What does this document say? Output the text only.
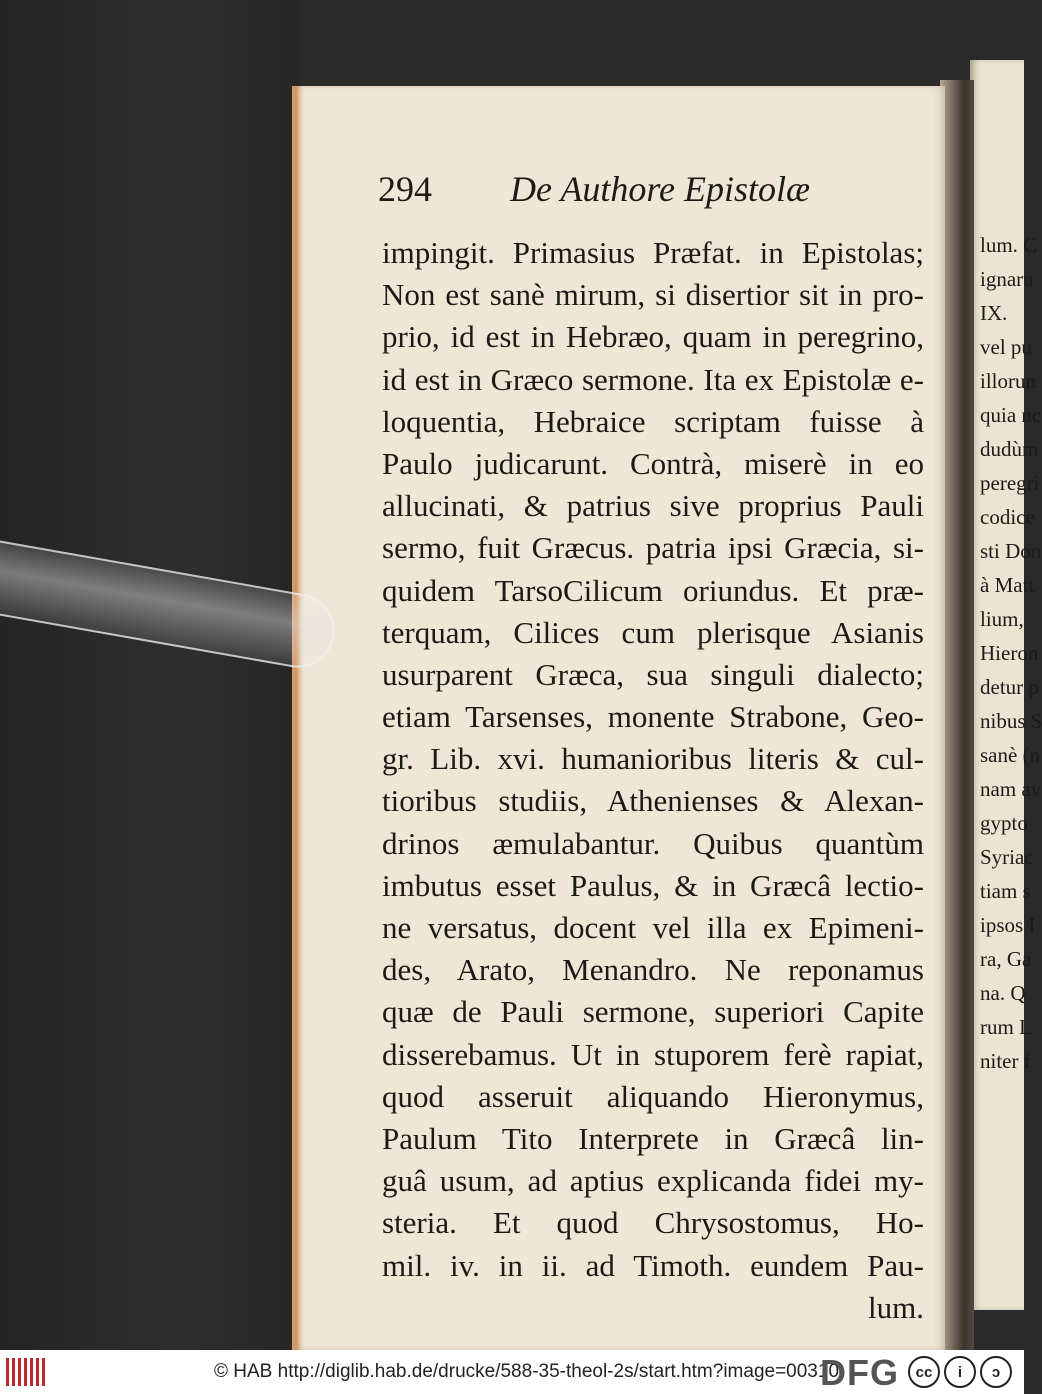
294 De Authore Epistolæ
impingit. Primasius Præfat. in Epistolas;
Non est sanè mirum, si disertior sit in pro-
prio, id est in Hebræo, quam in peregrino,
id est in Græco sermone. Ita ex Epistolæ e-
loquentia, Hebraice scriptam fuisse à
Paulo judicarunt. Contrà, miserè in eo
allucinati, & patrius sive proprius Pauli
sermo, fuit Græcus. patria ipsi Græcia, si-
quidem TarsoCilicum oriundus. Et præ-
terquam, Cilices cum plerisque Asianis
usurparent Græca, sua singuli dialecto;
etiam Tarsenses, monente Strabone, Geo-
gr. Lib. xvi. humanioribus literis & cul-
tioribus studiis, Athenienses & Alexan-
drinos æmulabantur. Quibus quantùm
imbutus esset Paulus, & in Græcâ lectio-
ne versatus, docent vel illa ex Epimeni-
des, Arato, Menandro. Ne reponamus
quæ de Pauli sermone, superiori Capite
disserebamus. Ut in stuporem ferè rapiat,
quod asseruit aliquando Hieronymus,
Paulum Tito Interprete in Græcâ lin-
guâ usum, ad aptius explicanda fidei my-
steria. Et quod Chrysostomus, Ho-
mil. iv. in ii. ad Timoth. eundem Pau-
lum.
lum. C
ignaru
IX.
vel pu
illorun
quia nc
dudùm
peregri
codice
sti Don
à Matt
lium,
Hieron
detur p
nibus S
sanè (n
nam av
gypto
Syriac
tiam s
ipsos I
ra, Ga
na. Q
rum L
niter f
© HAB http://diglib.hab.de/drucke/588-35-theol-2s/start.htm?image=00310
DFG	cc	i	ↄ
